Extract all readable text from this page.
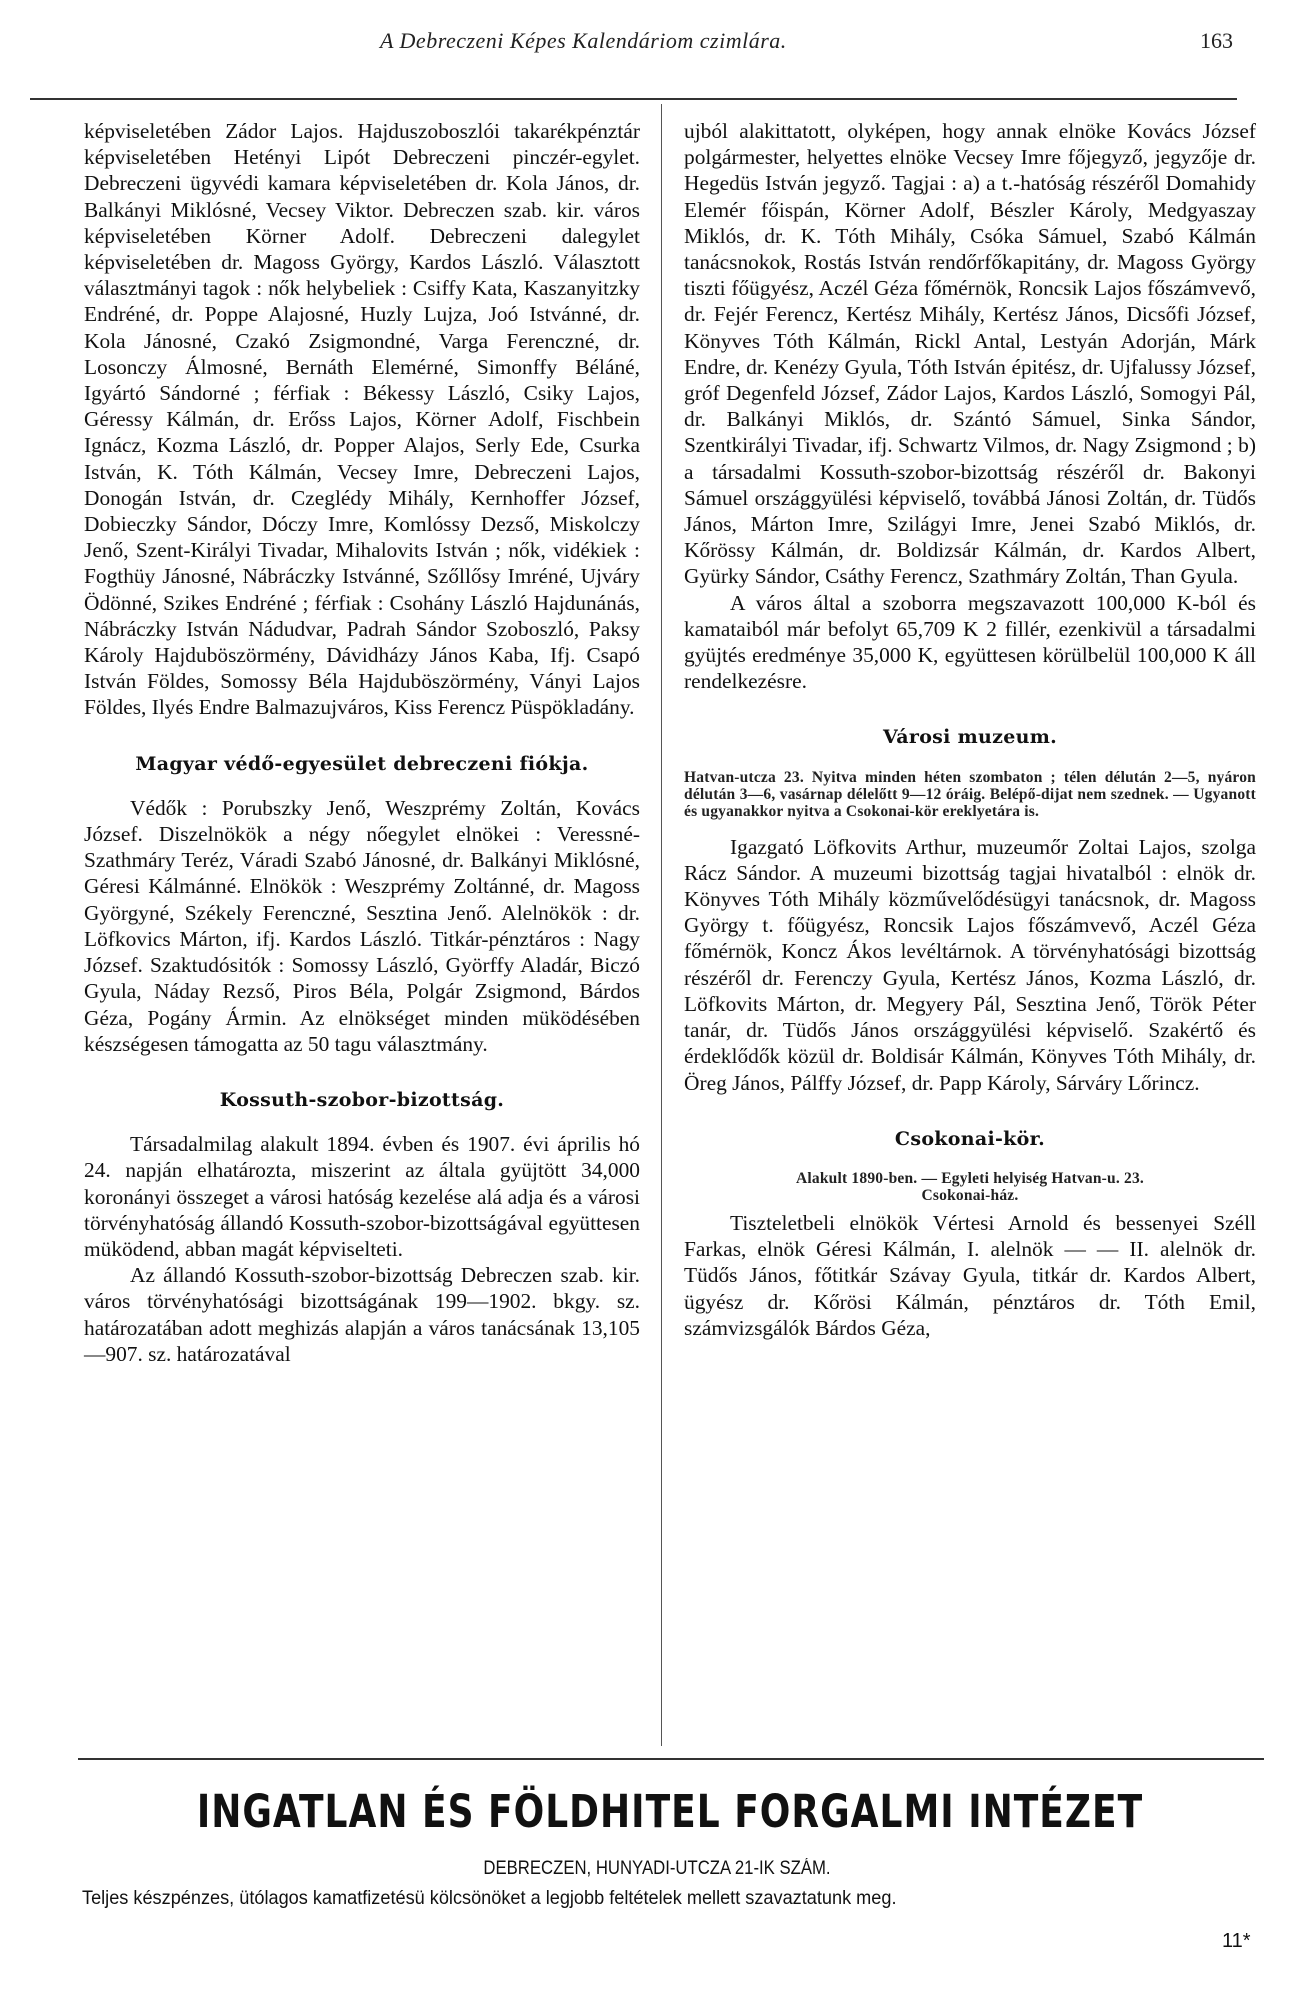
A Debreczeni Képes Kalendáriom czimlára.	163

képviseletében Zádor Lajos. Hajduszoboszlói takarékpénztár képviseletében Hetényi Lipót Debreczeni pinczér-egylet. Debreczeni ügyvédi kamara képviseletében dr. Kola János, dr. Balkányi Miklósné, Vecsey Viktor. Debreczen szab. kir. város képviseletében Körner Adolf. Debreczeni dalegylet képviseletében dr. Magoss György, Kardos László. Választott választmányi tagok : nők helybeliek : Csiffy Kata, Kaszanyitzky Endréné, dr. Poppe Alajosné, Huzly Lujza, Joó Istvánné, dr. Kola Jánosné, Czakó Zsigmondné, Varga Ferenczné, dr. Losonczy Álmosné, Bernáth Elemérné, Simonffy Béláné, Igyártó Sándorné ; férfiak : Békessy László, Csiky Lajos, Géressy Kálmán, dr. Erőss Lajos, Körner Adolf, Fischbein Ignácz, Kozma László, dr. Popper Alajos, Serly Ede, Csurka István, K. Tóth Kálmán, Vecsey Imre, Debreczeni Lajos, Donogán István, dr. Czeglédy Mihály, Kernhoffer József, Dobieczky Sándor, Dóczy Imre, Komlóssy Dezső, Miskolczy Jenő, Szent-Királyi Tivadar, Mihalovits István ; nők, vidékiek : Fogthüy Jánosné, Nábráczky Istvánné, Szőllősy Imréné, Ujváry Ödönné, Szikes Endréné ; férfiak : Csohány László Hajdunánás, Nábráczky István Nádudvar, Padrah Sándor Szoboszló, Paksy Károly Hajduböszörmény, Dávidházy János Kaba, Ifj. Csapó István Földes, Somossy Béla Hajduböszörmény, Ványi Lajos Földes, Ilyés Endre Balmazujváros, Kiss Ferencz Püspökladány.

Magyar védő-egyesület debreczeni fiókja.

Védők : Porubszky Jenő, Weszprémy Zoltán, Kovács József. Diszelnökök a négy nőegylet elnökei : Veressné-Szathmáry Teréz, Váradi Szabó Jánosné, dr. Balkányi Miklósné, Géresi Kálmánné. Elnökök : Weszprémy Zoltánné, dr. Magoss Györgyné, Székely Ferenczné, Sesztina Jenő. Alelnökök : dr. Löfkovics Márton, ifj. Kardos László. Titkár-pénztáros : Nagy József. Szaktudósitók : Somossy László, Györffy Aladár, Biczó Gyula, Náday Rezső, Piros Béla, Polgár Zsigmond, Bárdos Géza, Pogány Ármin. Az elnökséget minden müködésében készségesen támogatta az 50 tagu választmány.

Kossuth-szobor-bizottság.

Társadalmilag alakult 1894. évben és 1907. évi április hó 24. napján elhatározta, miszerint az általa gyüjtött 34,000 koronányi összeget a városi hatóság kezelése alá adja és a városi törvényhatóság állandó Kossuth-szobor-bizottságával együttesen müködend, abban magát képviselteti.

Az állandó Kossuth-szobor-bizottság Debreczen szab. kir. város törvényhatósági bizottságának 199—1902. bkgy. sz. határozatában adott meghizás alapján a város tanácsának 13,105—907. sz. határozatával

ujból alakittatott, olyképen, hogy annak elnöke Kovács József polgármester, helyettes elnöke Vecsey Imre főjegyző, jegyzője dr. Hegedüs István jegyző. Tagjai : a) a t.-hatóság részéről Domahidy Elemér főispán, Körner Adolf, Bészler Károly, Medgyaszay Miklós, dr. K. Tóth Mihály, Csóka Sámuel, Szabó Kálmán tanácsnokok, Rostás István rendőrfőkapitány, dr. Magoss György tiszti főügyész, Aczél Géza főmérnök, Roncsik Lajos főszámvevő, dr. Fejér Ferencz, Kertész Mihály, Kertész János, Dicsőfi József, Könyves Tóth Kálmán, Rickl Antal, Lestyán Adorján, Márk Endre, dr. Kenézy Gyula, Tóth István épitész, dr. Ujfalussy József, gróf Degenfeld József, Zádor Lajos, Kardos László, Somogyi Pál, dr. Balkányi Miklós, dr. Szántó Sámuel, Sinka Sándor, Szentkirályi Tivadar, ifj. Schwartz Vilmos, dr. Nagy Zsigmond ; b) a társadalmi Kossuth-szobor-bizottság részéről dr. Bakonyi Sámuel országgyülési képviselő, továbbá Jánosi Zoltán, dr. Tüdős János, Márton Imre, Szilágyi Imre, Jenei Szabó Miklós, dr. Kőrössy Kálmán, dr. Boldizsár Kálmán, dr. Kardos Albert, Gyürky Sándor, Csáthy Ferencz, Szathmáry Zoltán, Than Gyula.

A város által a szoborra megszavazott 100,000 K-ból és kamataiból már befolyt 65,709 K 2 fillér, ezenkivül a társadalmi gyüjtés eredménye 35,000 K, együttesen körülbelül 100,000 K áll rendelkezésre.

Városi muzeum.

Hatvan-utcza 23. Nyitva minden héten szombaton ; télen délután 2—5, nyáron délután 3—6, vasárnap délelőtt 9—12 óráig. Belépő-dijat nem szednek. — Ugyanott és ugyanakkor nyitva a Csokonai-kör ereklyetára is.

Igazgató Löfkovits Arthur, muzeumőr Zoltai Lajos, szolga Rácz Sándor. A muzeumi bizottság tagjai hivatalból : elnök dr. Könyves Tóth Mihály közművelődésügyi tanácsnok, dr. Magoss György t. főügyész, Roncsik Lajos főszámvevő, Aczél Géza főmérnök, Koncz Ákos levéltárnok. A törvényhatósági bizottság részéről dr. Ferenczy Gyula, Kertész János, Kozma László, dr. Löfkovits Márton, dr. Megyery Pál, Sesztina Jenő, Török Péter tanár, dr. Tüdős János országgyülési képviselő. Szakértő és érdeklődők közül dr. Boldisár Kálmán, Könyves Tóth Mihály, dr. Öreg János, Pálffy József, dr. Papp Károly, Sárváry Lőrincz.

Csokonai-kör.

Alakult 1890-ben. — Egyleti helyiség Hatvan-u. 23.

Csokonai-ház.

Tiszteletbeli elnökök Vértesi Arnold és bessenyei Széll Farkas, elnök Géresi Kálmán, I. alelnök — — II. alelnök dr. Tüdős János, főtitkár Szávay Gyula, titkár dr. Kardos Albert, ügyész dr. Kőrösi Kálmán, pénztáros dr. Tóth Emil, számvizsgálók Bárdos Géza,

INGATLAN ÉS FÖLDHITEL FORGALMI INTÉZET
DEBRECZEN, HUNYADI-UTCZA 21-IK SZÁM.
Teljes készpénzes, ütólagos kamatfizetésü kölcsönöket a legjobb feltételek mellett szavaztatunk meg.
11*
